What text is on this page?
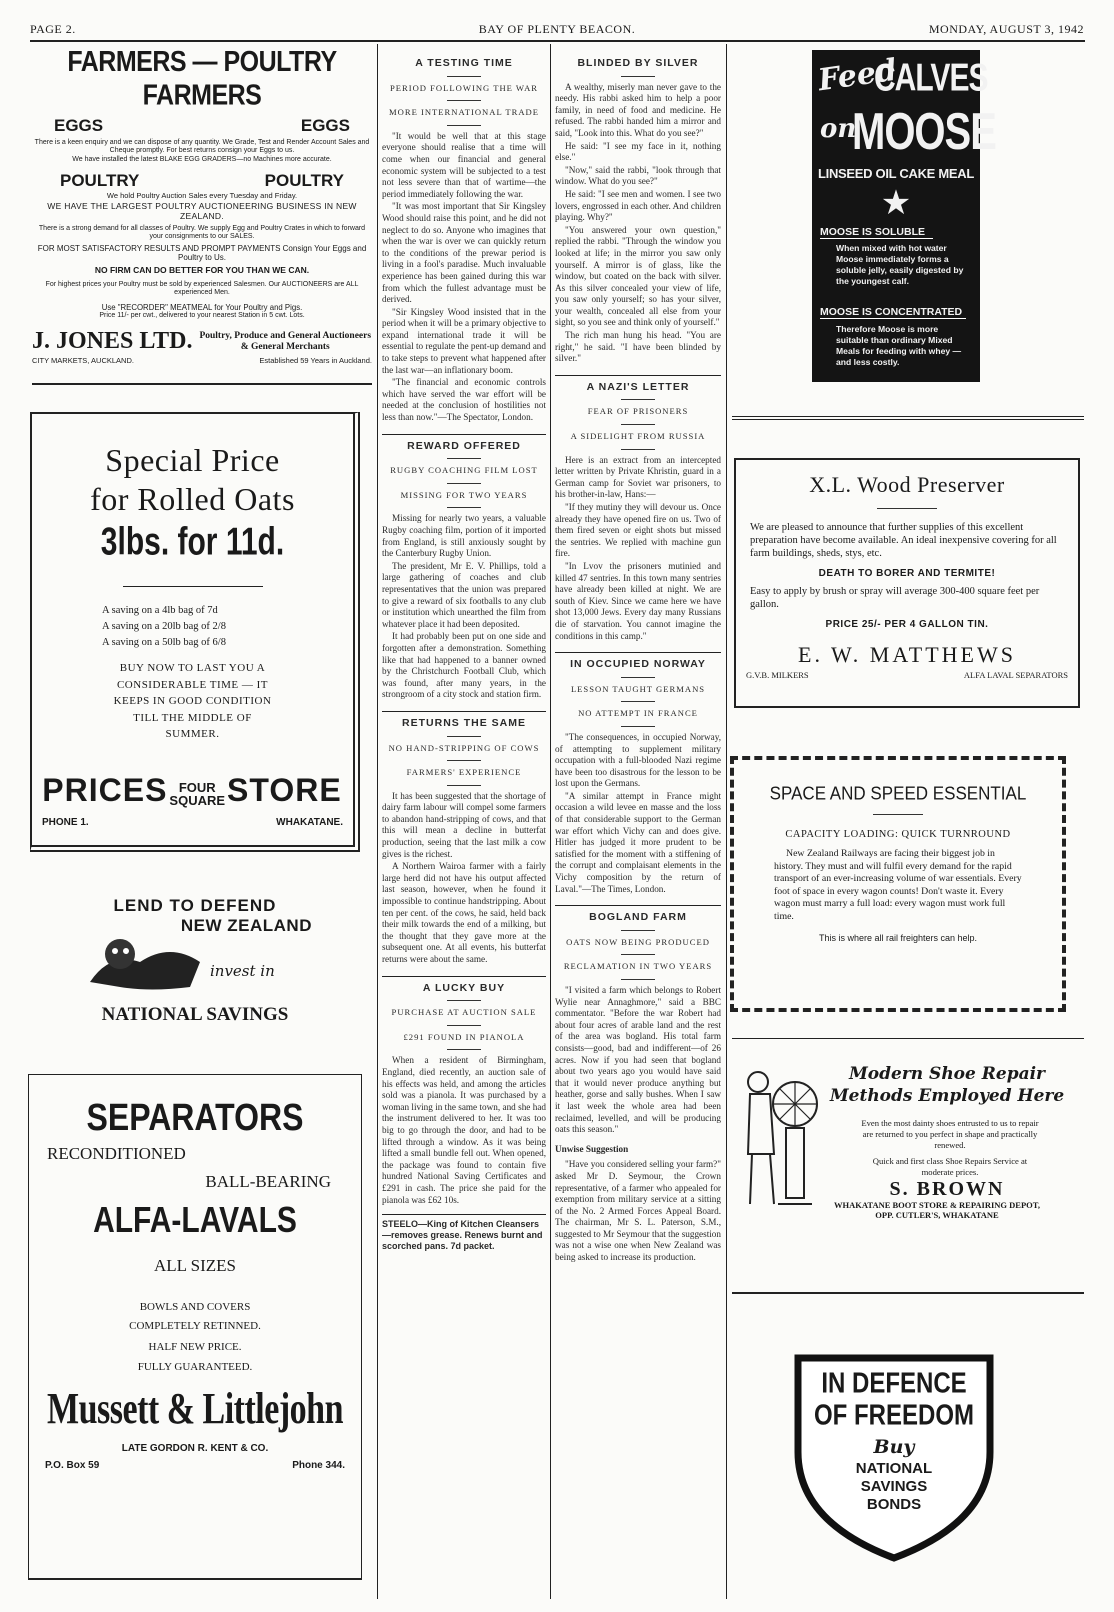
PAGE 2.	BAY OF PLENTY BEACON.	MONDAY, AUGUST 3, 1942
FARMERS — POULTRY FARMERS
EGGS	EGGS
There is a keen enquiry and we can dispose of any quantity. We Grade, Test and Render Account Sales and Cheque promptly. For best returns consign your Eggs to us.
We have installed the latest BLAKE EGG GRADERS—no Machines more accurate.
POULTRY	POULTRY
We hold Poultry Auction Sales every Tuesday and Friday.
WE HAVE THE LARGEST POULTRY AUCTIONEERING BUSINESS IN NEW ZEALAND.
There is a strong demand for all classes of Poultry. We supply Egg and Poultry Crates in which to forward your consignments to our SALES.
FOR MOST SATISFACTORY RESULTS AND PROMPT PAYMENTS Consign Your Eggs and Poultry to Us.
NO FIRM CAN DO BETTER FOR YOU THAN WE CAN.
For highest prices your Poultry must be sold by experienced Salesmen. Our AUCTIONEERS are ALL experienced Men.
Use "RECORDER" MEATMEAL for Your Poultry and Pigs.
Price 11/- per cwt., delivered to your nearest Station in 5 cwt. Lots.
J. JONES LTD. Poultry, Produce and General Auctioneers & General Merchants
CITY MARKETS, AUCKLAND.	Established 59 Years in Auckland.
Special Price
for Rolled Oats
3lbs. for 11d.
A saving on a 4lb bag of 7d
A saving on a 20lb bag of 2/8
A saving on a 50lb bag of 6/8
BUY NOW TO LAST YOU A CONSIDERABLE TIME — IT KEEPS IN GOOD CONDITION TILL THE MIDDLE OF SUMMER.
PRICES FOUR
SQUARE STORE
PHONE 1.	WHAKATANE.
LEND TO DEFEND
NEW ZEALAND
invest in
NATIONAL SAVINGS
SEPARATORS
RECONDITIONED
BALL-BEARING
ALFA-LAVALS
ALL SIZES
BOWLS AND COVERS COMPLETELY RETINNED.
HALF NEW PRICE.
FULLY GUARANTEED.
Mussett & Littlejohn
LATE GORDON R. KENT & CO.
P.O. Box 59	Phone 344.
A TESTING TIME
PERIOD FOLLOWING THE WAR
MORE INTERNATIONAL TRADE

"It would be well that at this stage everyone should realise that a time will come when our financial and general economic system will be subjected to a test not less severe than that of wartime—the period immediately following the war.

"It was most important that Sir Kingsley Wood should raise this point, and he did not neglect to do so. Anyone who imagines that when the war is over we can quickly return to the conditions of the prewar period is living in a fool's paradise. Much invaluable experience has been gained during this war from which the fullest advantage must be derived.

"Sir Kingsley Wood insisted that in the period when it will be a primary objective to expand international trade it will be essential to regulate the pent-up demand and to take steps to prevent what happened after the last war—an inflationary boom.

"The financial and economic controls which have served the war effort will be needed at the conclusion of hostilities not less than now."—The Spectator, London.

REWARD OFFERED
RUGBY COACHING FILM LOST
MISSING FOR TWO YEARS

Missing for nearly two years, a valuable Rugby coaching film, portion of it imported from England, is still anxiously sought by the Canterbury Rugby Union.

The president, Mr E. V. Phillips, told a large gathering of coaches and club representatives that the union was prepared to give a reward of six footballs to any club or institution which unearthed the film from whatever place it had been deposited.

It had probably been put on one side and forgotten after a demonstration. Something like that had happened to a banner owned by the Christchurch Football Club, which was found, after many years, in the strongroom of a city stock and station firm.

RETURNS THE SAME
NO HAND-STRIPPING OF COWS
FARMERS' EXPERIENCE

It has been suggested that the shortage of dairy farm labour will compel some farmers to abandon hand-stripping of cows, and that this will mean a decline in butterfat production, seeing that the last milk a cow gives is the richest.

A Northern Wairoa farmer with a fairly large herd did not have his output affected last season, however, when he found it impossible to continue handstripping. About ten per cent. of the cows, he said, held back their milk towards the end of a milking, but the thought that they gave more at the subsequent one. At all events, his butterfat returns were about the same.

A LUCKY BUY
PURCHASE AT AUCTION SALE
£291 FOUND IN PIANOLA

When a resident of Birmingham, England, died recently, an auction sale of his effects was held, and among the articles sold was a pianola. It was purchased by a woman living in the same town, and she had the instrument delivered to her. It was too big to go through the door, and had to be lifted through a window. As it was being lifted a small bundle fell out. When opened, the package was found to contain five hundred National Saving Certificates and £291 in cash. The price she paid for the pianola was £62 10s.

STEELO—King of Kitchen Cleansers—removes grease. Renews burnt and scorched pans. 7d packet.
BLINDED BY SILVER

A wealthy, miserly man never gave to the needy. His rabbi asked him to help a poor family, in need of food and medicine. He refused. The rabbi handed him a mirror and said, "Look into this. What do you see?"

He said: "I see my face in it, nothing else."

"Now," said the rabbi, "look through that window. What do you see?"

He said: "I see men and women. I see two lovers, engrossed in each other. And children playing. Why?"

"You answered your own question," replied the rabbi. "Through the window you looked at life; in the mirror you saw only yourself. A mirror is of glass, like the window, but coated on the back with silver. As this silver concealed your view of life, you saw only yourself; so has your silver, your wealth, concealed all else from your sight, so you see and think only of yourself."

The rich man hung his head. "You are right," he said. "I have been blinded by silver."

A NAZI'S LETTER
FEAR OF PRISONERS
A SIDELIGHT FROM RUSSIA

Here is an extract from an intercepted letter written by Private Khristin, guard in a German camp for Soviet war prisoners, to his brother-in-law, Hans:—

"If they mutiny they will devour us. Once already they have opened fire on us. Two of them fired seven or eight shots but missed the sentries. We replied with machine gun fire.

"In Lvov the prisoners mutinied and killed 47 sentries. In this town many sentries have already been killed at night. We are south of Kiev. Since we came here we have shot 13,000 Jews. Every day many Russians die of starvation. You cannot imagine the conditions in this camp."

IN OCCUPIED NORWAY
LESSON TAUGHT GERMANS
NO ATTEMPT IN FRANCE

"The consequences, in occupied Norway, of attempting to supplement military occupation with a full-blooded Nazi regime have been too disastrous for the lesson to be lost upon the Germans.

"A similar attempt in France might occasion a wild levee en masse and the loss of that considerable support to the German war effort which Vichy can and does give. Hitler has judged it more prudent to be satisfied for the moment with a stiffening of the corrupt and complaisant elements in the Vichy composition by the return of Laval."—The Times, London.

BOGLAND FARM
OATS NOW BEING PRODUCED
RECLAMATION IN TWO YEARS

"I visited a farm which belongs to Robert Wylie near Annaghmore," said a BBC commentator. "Before the war Robert had about four acres of arable land and the rest of the area was bogland. His total farm consists—good, bad and indifferent—of 26 acres. Now if you had seen that bogland about two years ago you would have said that it would never produce anything but heather, gorse and sally bushes. When I saw it last week the whole area had been reclaimed, levelled, and will be producing oats this season."

Unwise Suggestion

"Have you considered selling your farm?" asked Mr D. Seymour, the Crown representative, of a farmer who appealed for exemption from military service at a sitting of the No. 2 Armed Forces Appeal Board. The chairman, Mr S. L. Paterson, S.M., suggested to Mr Seymour that the suggestion was not a wise one when New Zealand was being asked to increase its production.

Feed
CALVES
on
MOOSE
LINSEED OIL CAKE MEAL
★
MOOSE IS SOLUBLE
When mixed with hot water Moose immediately forms a soluble jelly, easily digested by the youngest calf.
MOOSE IS CONCENTRATED
Therefore Moose is more suitable than ordinary Mixed Meals for feeding with whey —and less costly.
X.L. Wood Preserver
We are pleased to announce that further supplies of this excellent preparation have become available. An ideal inexpensive covering for all farm buildings, sheds, stys, etc.
DEATH TO BORER AND TERMITE!
Easy to apply by brush or spray will average 300-400 square feet per gallon.
PRICE 25/- PER 4 GALLON TIN.
E. W. MATTHEWS
G.V.B. MILKERS	ALFA LAVAL SEPARATORS
SPACE AND SPEED ESSENTIAL
CAPACITY LOADING: QUICK TURNROUND
New Zealand Railways are facing their biggest job in history. They must and will fulfil every demand for the rapid transport of an ever-increasing volume of war essentials. Every foot of space in every wagon counts! Don't waste it. Every wagon must marry a full load: every wagon must work full time.
This is where all rail freighters can help.
Modern Shoe Repair
Methods Employed Here
Even the most dainty shoes entrusted to us to repair are returned to you perfect in shape and practically renewed.
Quick and first class Shoe Repairs Service at moderate prices.
S. BROWN
WHAKATANE BOOT STORE & REPAIRING DEPOT,
OPP. CUTLER'S, WHAKATANE
IN DEFENCE
OF FREEDOM
Buy
NATIONAL
SAVINGS
BONDS
